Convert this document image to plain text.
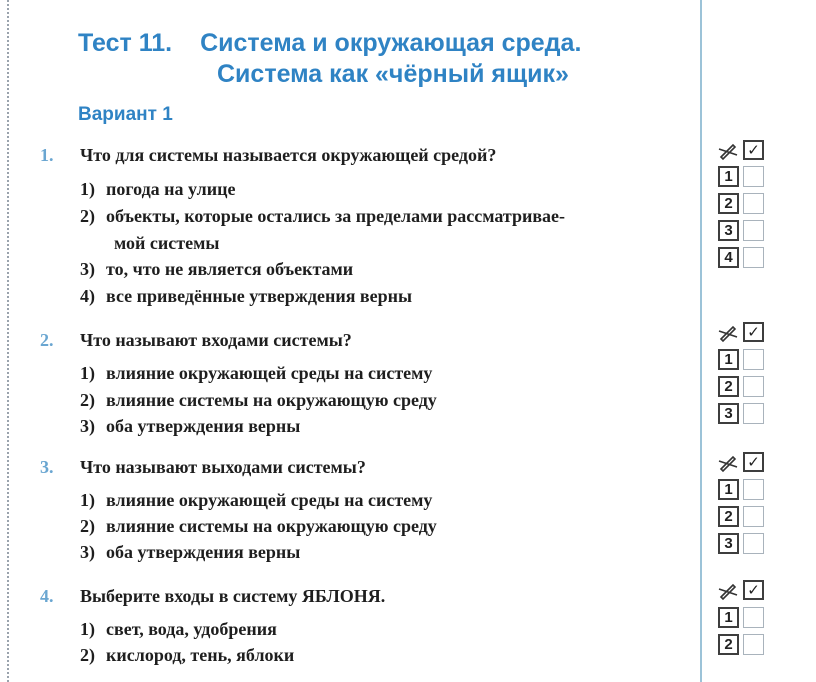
Тест 11. Система и окружающая среда.
Система как «чёрный ящик»
Вариант 1
1. Что для системы называется окружающей средой?
1) погода на улице
2) объекты, которые остались за пределами рассматривае-
мой системы
3) то, что не является объектами
4) все приведённые утверждения верны
✓
1
2
3
4
2. Что называют входами системы?
1) влияние окружающей среды на систему
2) влияние системы на окружающую среду
3) оба утверждения верны
✓
1
2
3
3. Что называют выходами системы?
1) влияние окружающей среды на систему
2) влияние системы на окружающую среду
3) оба утверждения верны
✓
1
2
3
4. Выберите входы в систему ЯБЛОНЯ.
1) свет, вода, удобрения
2) кислород, тень, яблоки
✓
1
2
